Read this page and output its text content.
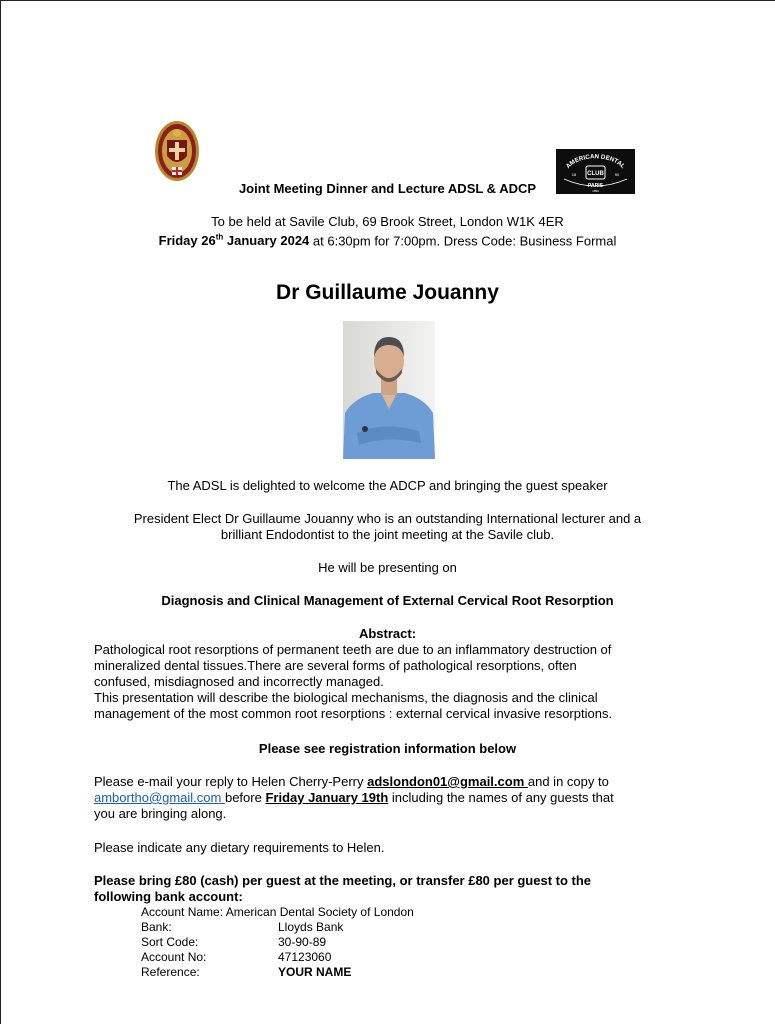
AMERICAN DENTAL
CLUB
18	90
PARIS
1890
Joint Meeting Dinner and Lecture ADSL & ADCP
To be held at Savile Club, 69 Brook Street, London W1K 4ER
Friday 26th January 2024 at 6:30pm for 7:00pm. Dress Code: Business Formal
Dr Guillaume Jouanny
The ADSL is delighted to welcome the ADCP and bringing the guest speaker
President Elect Dr Guillaume Jouanny who is an outstanding International lecturer and a
brilliant Endodontist to the joint meeting at the Savile club.
He will be presenting on
Diagnosis and Clinical Management of External Cervical Root Resorption
Abstract:
Pathological root resorptions of permanent teeth are due to an inflammatory destruction of
mineralized dental tissues.There are several forms of pathological resorptions, often
confused, misdiagnosed and incorrectly managed.
This presentation will describe the biological mechanisms, the diagnosis and the clinical
management of the most common root resorptions : external cervical invasive resorptions.
Please see registration information below
Please e-mail your reply to Helen Cherry-Perry adslondon01@gmail.com and in copy to
ambortho@gmail.com before Friday January 19th including the names of any guests that
you are bringing along.
Please indicate any dietary requirements to Helen.
Please bring £80 (cash) per guest at the meeting, or transfer £80 per guest to the
following bank account:
Account Name: American Dental Society of London
Bank:	Lloyds Bank
Sort Code:	30-90-89
Account No:	47123060
Reference:	YOUR NAME
